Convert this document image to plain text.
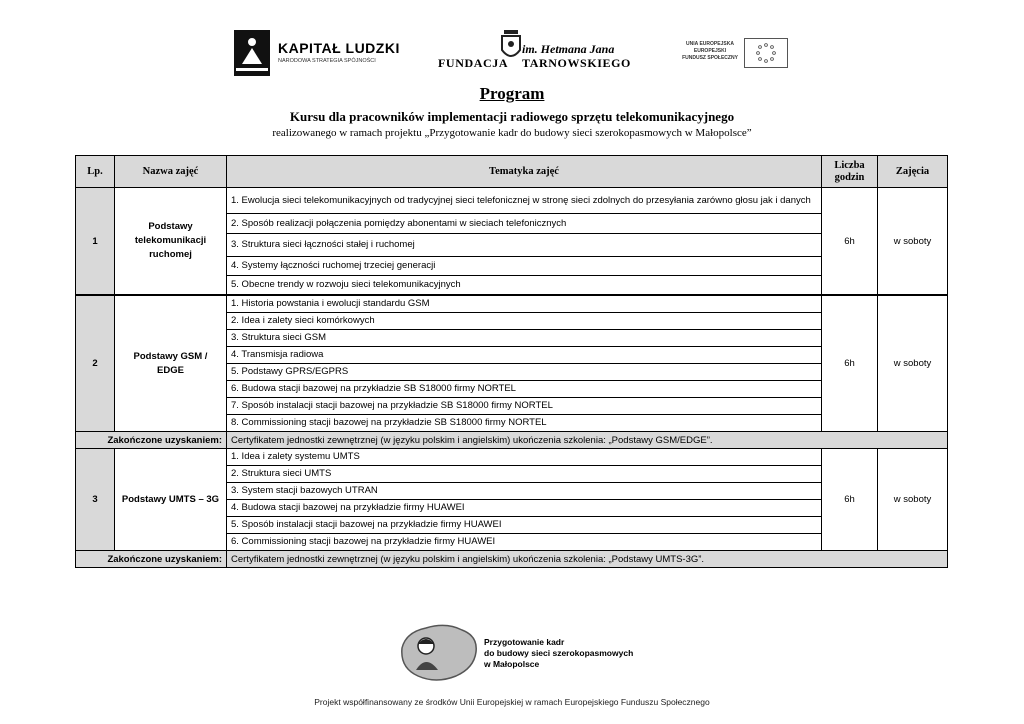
KAPITAŁ LUDZKI
NARODOWA STRATEGIA SPÓJNOŚCI	FUNDACJA
im. Hetmana Jana
TARNOWSKIEGO
UNIA EUROPEJSKA
EUROPEJSKI
FUNDUSZ SPOŁECZNY
Program
Kursu dla pracowników implementacji radiowego sprzętu telekomunikacyjnego
realizowanego w ramach projektu „Przygotowanie kadr do budowy sieci szerokopasmowych w Małopolsce”
Lp.	Nazwa zajęć	Tematyka zajęć	Liczba
godzin	Zajęcia
1	Podstawy telekomunikacji ruchomej	1. Ewolucja sieci telekomunikacyjnych od tradycyjnej sieci telefonicznej w stronę sieci zdolnych do przesyłania zarówno głosu jak i danych	6h	w soboty
		2. Sposób realizacji połączenia pomiędzy abonentami w sieciach telefonicznych		
		3. Struktura sieci łączności stałej i ruchomej		
		4. Systemy łączności ruchomej trzeciej generacji		
		5. Obecne trendy w rozwoju sieci telekomunikacyjnych		
2	Podstawy GSM / EDGE	1. Historia powstania i ewolucji standardu GSM	6h	w soboty
		2. Idea i zalety sieci komórkowych		
		3. Struktura sieci GSM		
		4. Transmisja radiowa		
		5. Podstawy GPRS/EGPRS		
		6. Budowa stacji bazowej na przykładzie SB S18000 firmy NORTEL		
		7. Sposób instalacji stacji bazowej na przykładzie SB S18000 firmy NORTEL		
		8. Commissioning stacji bazowej na przykładzie SB S18000 firmy NORTEL		
Zakończone uzyskaniem:		Certyfikatem jednostki zewnętrznej (w języku polskim i angielskim) ukończenia szkolenia: „Podstawy GSM/EDGE”.		
3	Podstawy UMTS – 3G	1. Idea i zalety systemu UMTS	6h	w soboty
		2. Struktura sieci UMTS		
		3. System stacji bazowych UTRAN		
		4. Budowa stacji bazowej na przykładzie firmy HUAWEI		
		5. Sposób instalacji stacji bazowej na przykładzie firmy HUAWEI		
		6. Commissioning stacji bazowej na przykładzie firmy HUAWEI		
Zakończone uzyskaniem:		Certyfikatem jednostki zewnętrznej (w języku polskim i angielskim) ukończenia szkolenia: „Podstawy UMTS-3G”.		
Przygotowanie kadr
do budowy sieci szerokopasmowych
w Małopolsce
Projekt współfinansowany ze środków Unii Europejskiej w ramach Europejskiego Funduszu Społecznego
